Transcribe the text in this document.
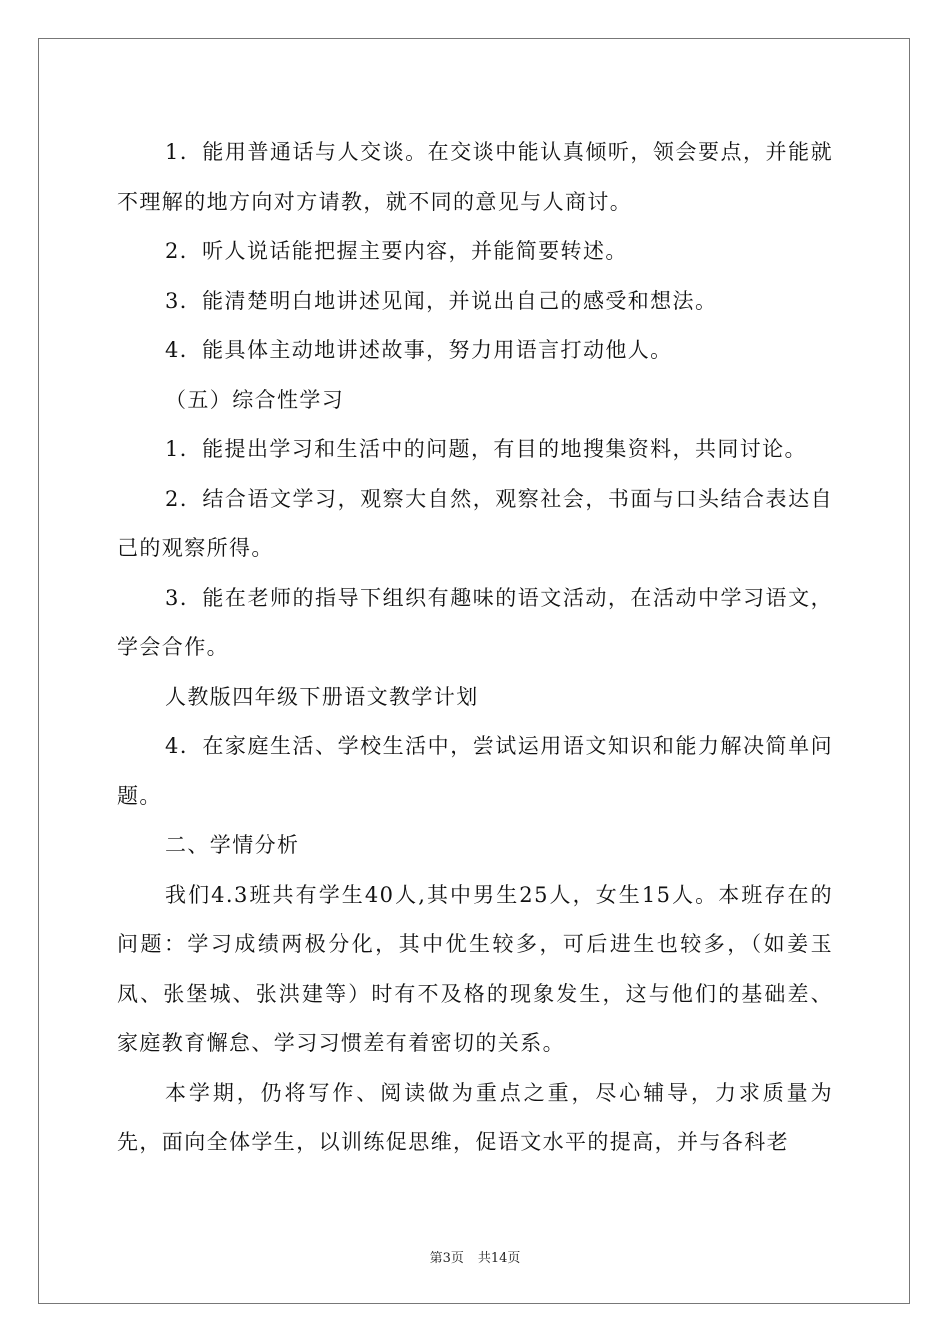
1．能用普通话与人交谈。在交谈中能认真倾听，领会要点，并能就不理解的地方向对方请教，就不同的意见与人商讨。

2．听人说话能把握主要内容，并能简要转述。

3．能清楚明白地讲述见闻，并说出自己的感受和想法。

4．能具体主动地讲述故事，努力用语言打动他人。

（五）综合性学习

1．能提出学习和生活中的问题，有目的地搜集资料，共同讨论。

2．结合语文学习，观察大自然，观察社会，书面与口头结合表达自己的观察所得。

3．能在老师的指导下组织有趣味的语文活动，在活动中学习语文，学会合作。

人教版四年级下册语文教学计划

4．在家庭生活、学校生活中，尝试运用语文知识和能力解决简单问题。

二、学情分析

我们4.3班共有学生40人,其中男生25人，女生15人。本班存在的问题：学习成绩两极分化，其中优生较多，可后进生也较多，（如姜玉凤、张堡城、张洪建等）时有不及格的现象发生，这与他们的基础差、家庭教育懈怠、学习习惯差有着密切的关系。

本学期，仍将写作、阅读做为重点之重，尽心辅导，力求质量为先，面向全体学生，以训练促思维，促语文水平的提高，并与各科老

第3页 共14页
